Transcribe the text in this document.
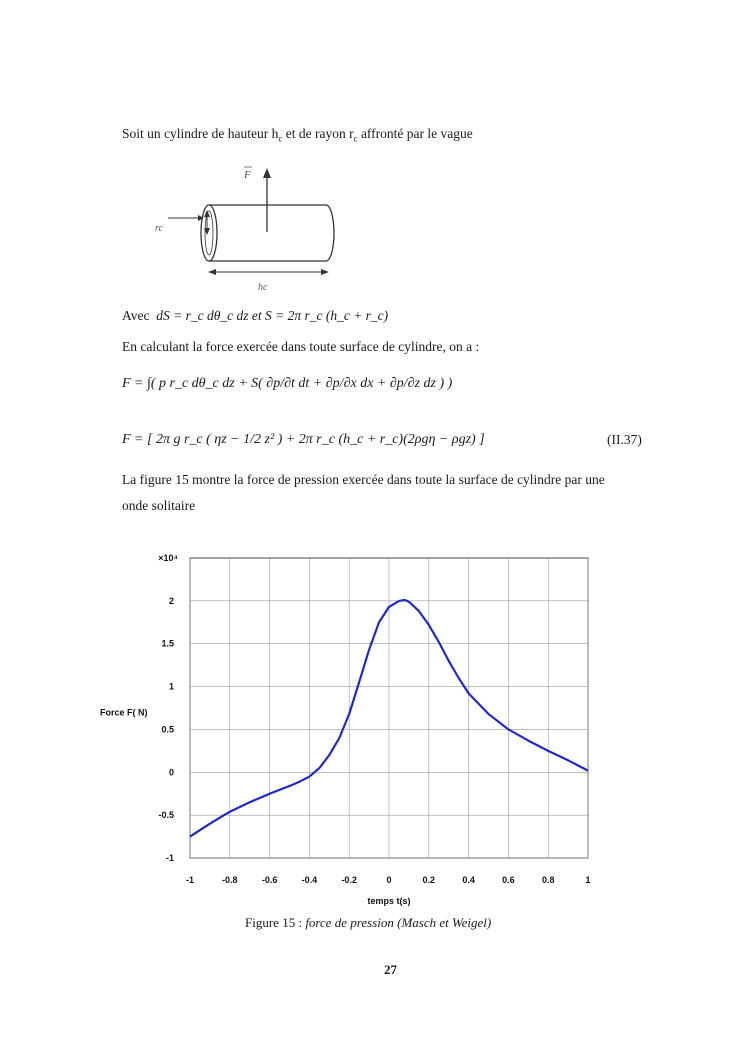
Soit un cylindre de hauteur $h_c$ et de rayon $r_c$ affronté par le vague
F
rc
hc
Avec dS = r_c dθ_c dz et S = 2π r_c (h_c + r_c)
En calculant la force exercée dans toute surface de cylindre, on a :
F = ∫( p r_c dθ_c dz + S( ∂p/∂t dt + ∂p/∂x dx + ∂p/∂z dz ) )
F = [ 2π g r_c ( ηz − 1/2 z² ) + 2π r_c (h_c + r_c)(2ρgη − ρgz) ]	(II.37)
La figure 15 montre la force de pression exercée dans toute la surface de cylindre par une
onde solitaire
-1	-0.8	-0.6	-0.4	-0.2	0	0.2	0.4	0.6	0.8	1
-1
-0.5
0
0.5
1
1.5
2
×10⁴
temps t(s)
Force F( N)
Figure 15 : force de pression (Masch et Weigel)
27
